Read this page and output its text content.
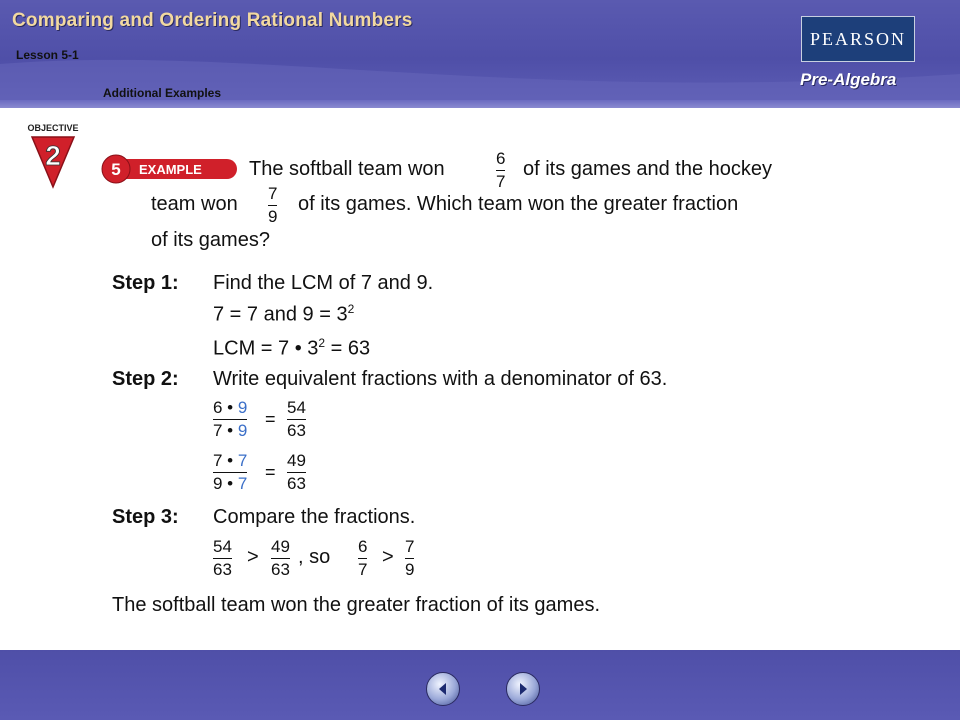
Comparing and Ordering Rational Numbers
Lesson 5-1
Additional Examples
PEARSON
Pre-Algebra
OBJECTIVE
2	5 EXAMPLE The softball team won	6
7
of its games and the hockey
team won 7
9
of its games. Which team won the greater fraction
of its games?
Step 1: Find the LCM of 7 and 9.
7 = 7 and $9 = 3^2$
LCM = 7 • $3^2 = 63$
Step 2: Write equivalent fractions with a denominator of 63.
6 • 9
7 • 9
=
54
63
7 • 7
9 • 7
=
49
63
Step 3: Compare the fractions.
54
63
> 49
63
, so 6
7
> 7
9
The softball team won the greater fraction of its games.
